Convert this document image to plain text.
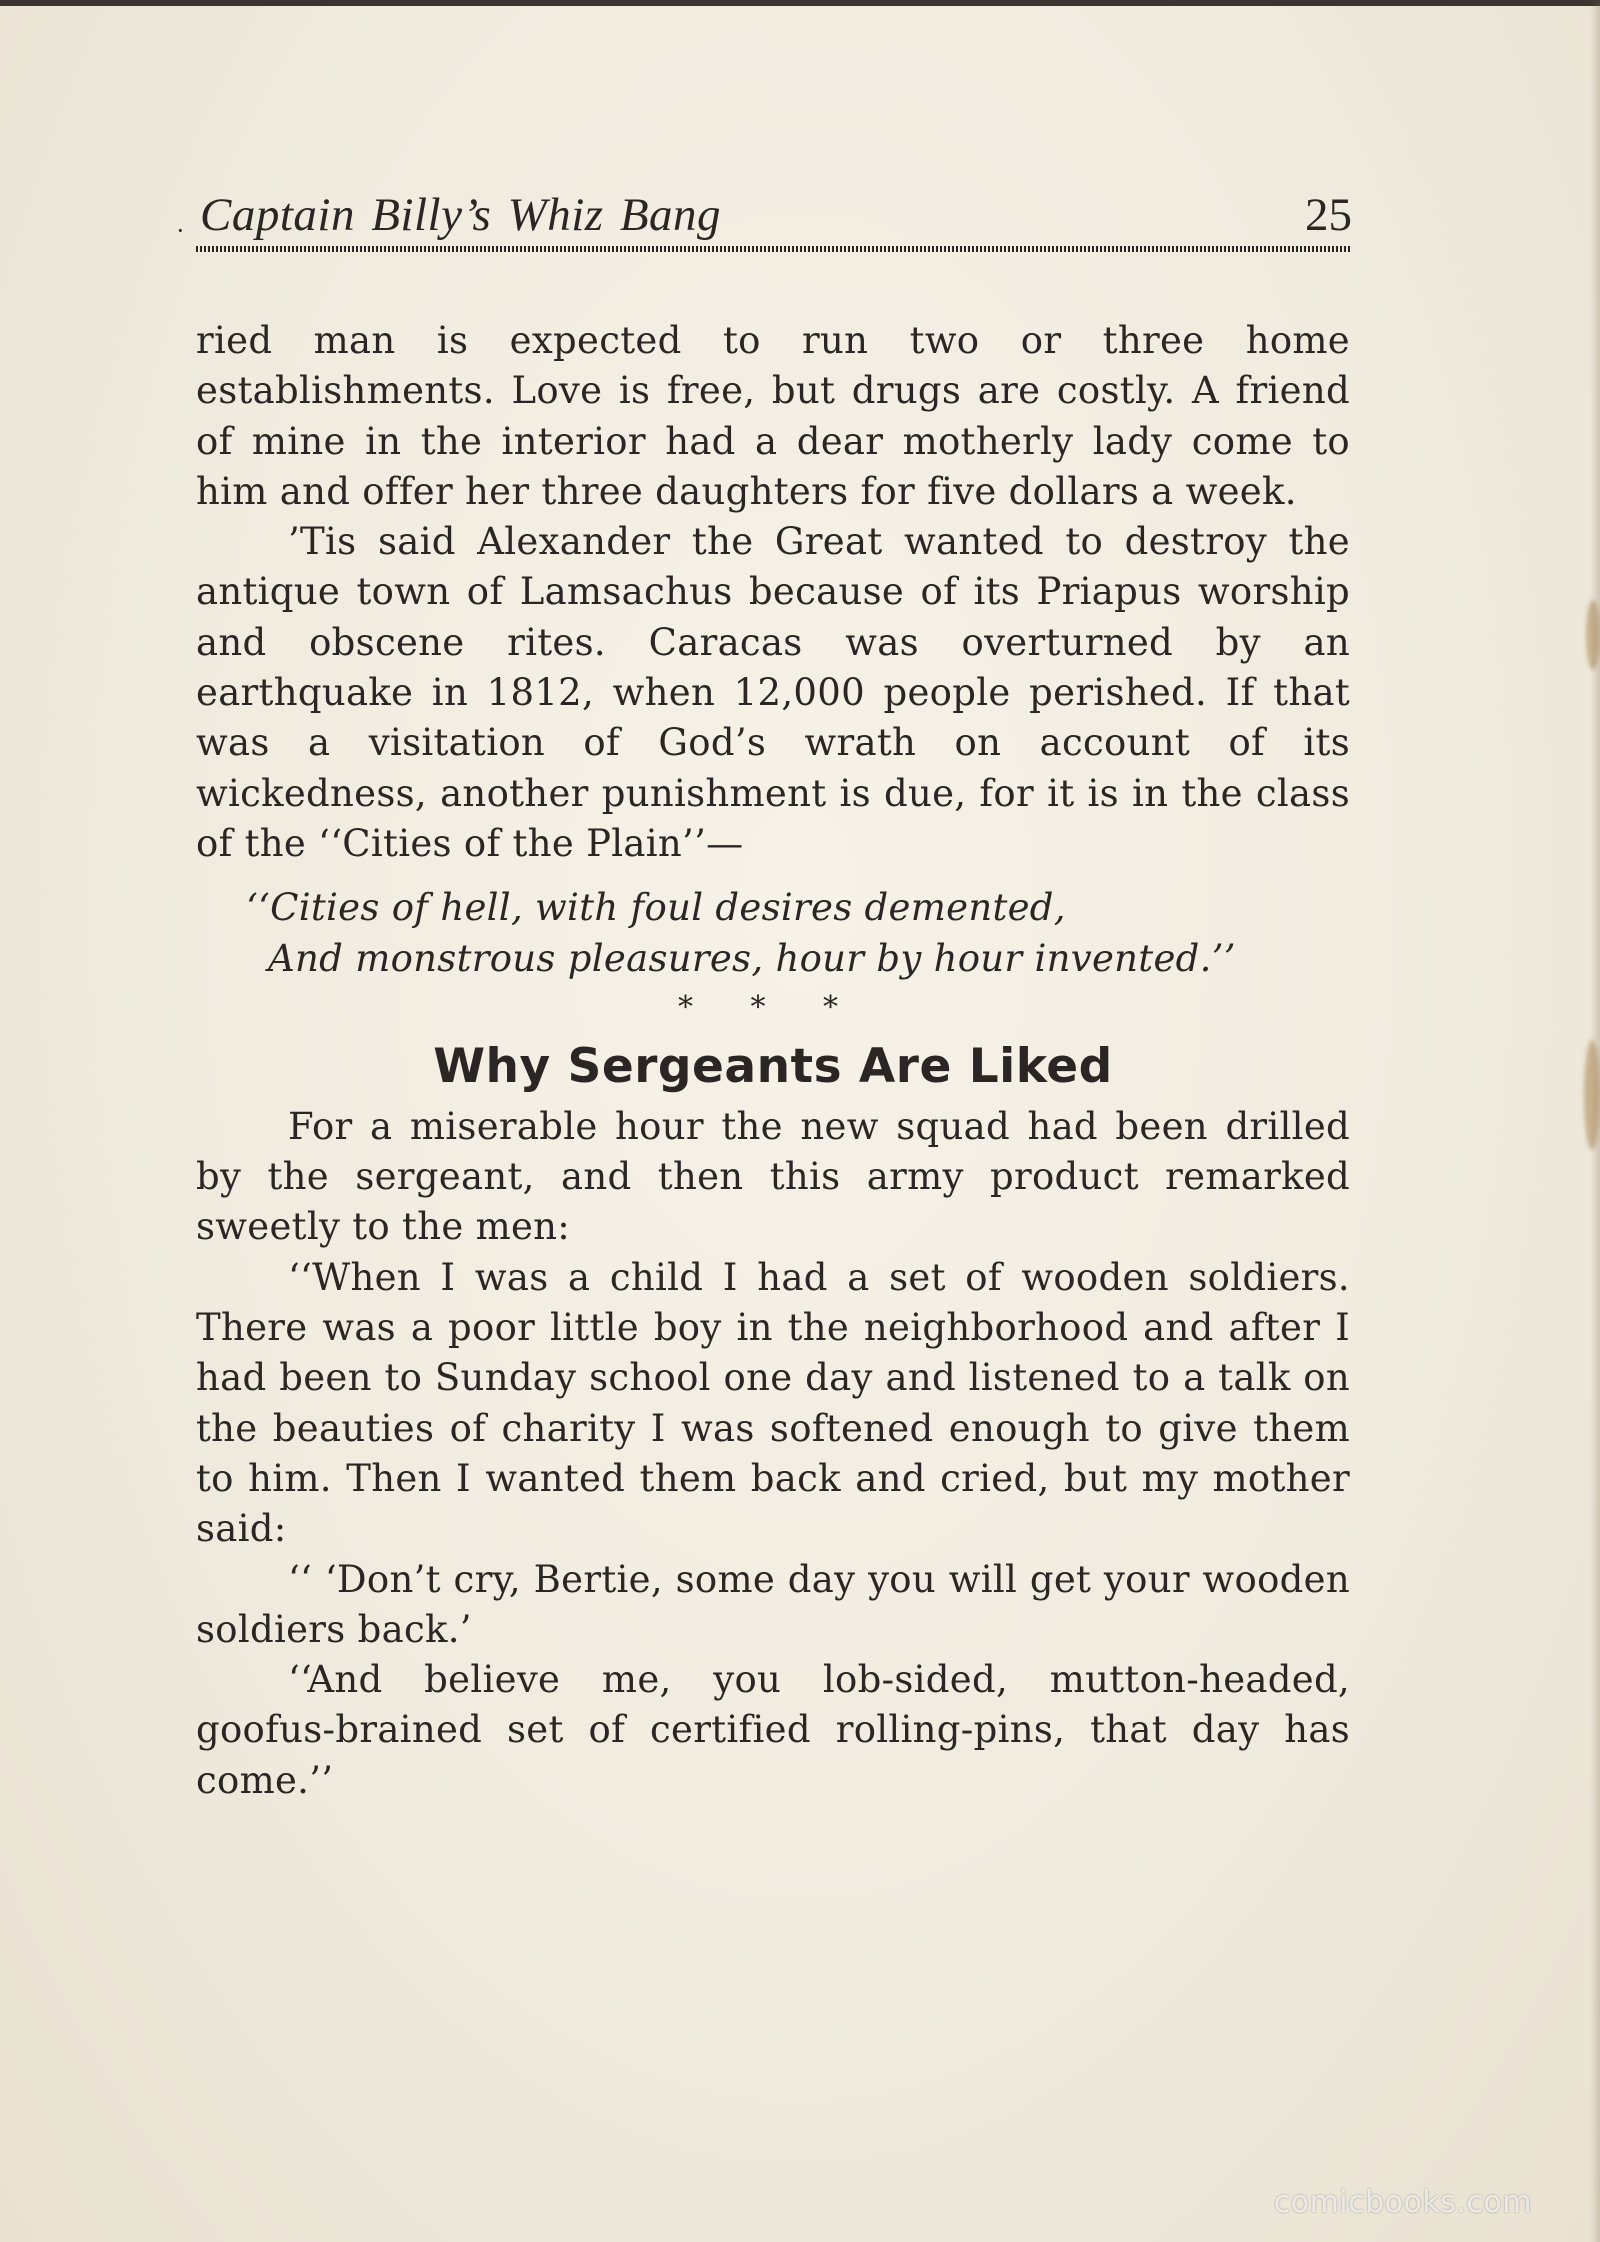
· Captain Billy’s Whiz Bang	25

ried man is expected to run two or three home establishments. Love is free, but drugs are costly. A friend of mine in the interior had a dear motherly lady come to him and offer her three daughters for five dollars a week.

’Tis said Alexander the Great wanted to destroy the antique town of Lamsachus because of its Priapus worship and obscene rites. Caracas was overturned by an earthquake in 1812, when 12,000 people perished. If that was a visitation of God’s wrath on account of its wickedness, another punishment is due, for it is in the class of the ‘‘Cities of the Plain’’—

‘‘Cities of hell, with foul desires demented,
And monstrous pleasures, hour by hour invented.’’
* * *
Why Sergeants Are Liked

For a miserable hour the new squad had been drilled by the sergeant, and then this army product remarked sweetly to the men:

‘‘When I was a child I had a set of wooden soldiers. There was a poor little boy in the neighborhood and after I had been to Sunday school one day and listened to a talk on the beauties of charity I was softened enough to give them to him. Then I wanted them back and cried, but my mother said:

‘‘ ‘Don’t cry, Bertie, some day you will get your wooden soldiers back.’

‘‘And believe me, you lob-sided, mutton-headed, goofus-brained set of certified rolling-pins, that day has come.’’

comicbooks.com
